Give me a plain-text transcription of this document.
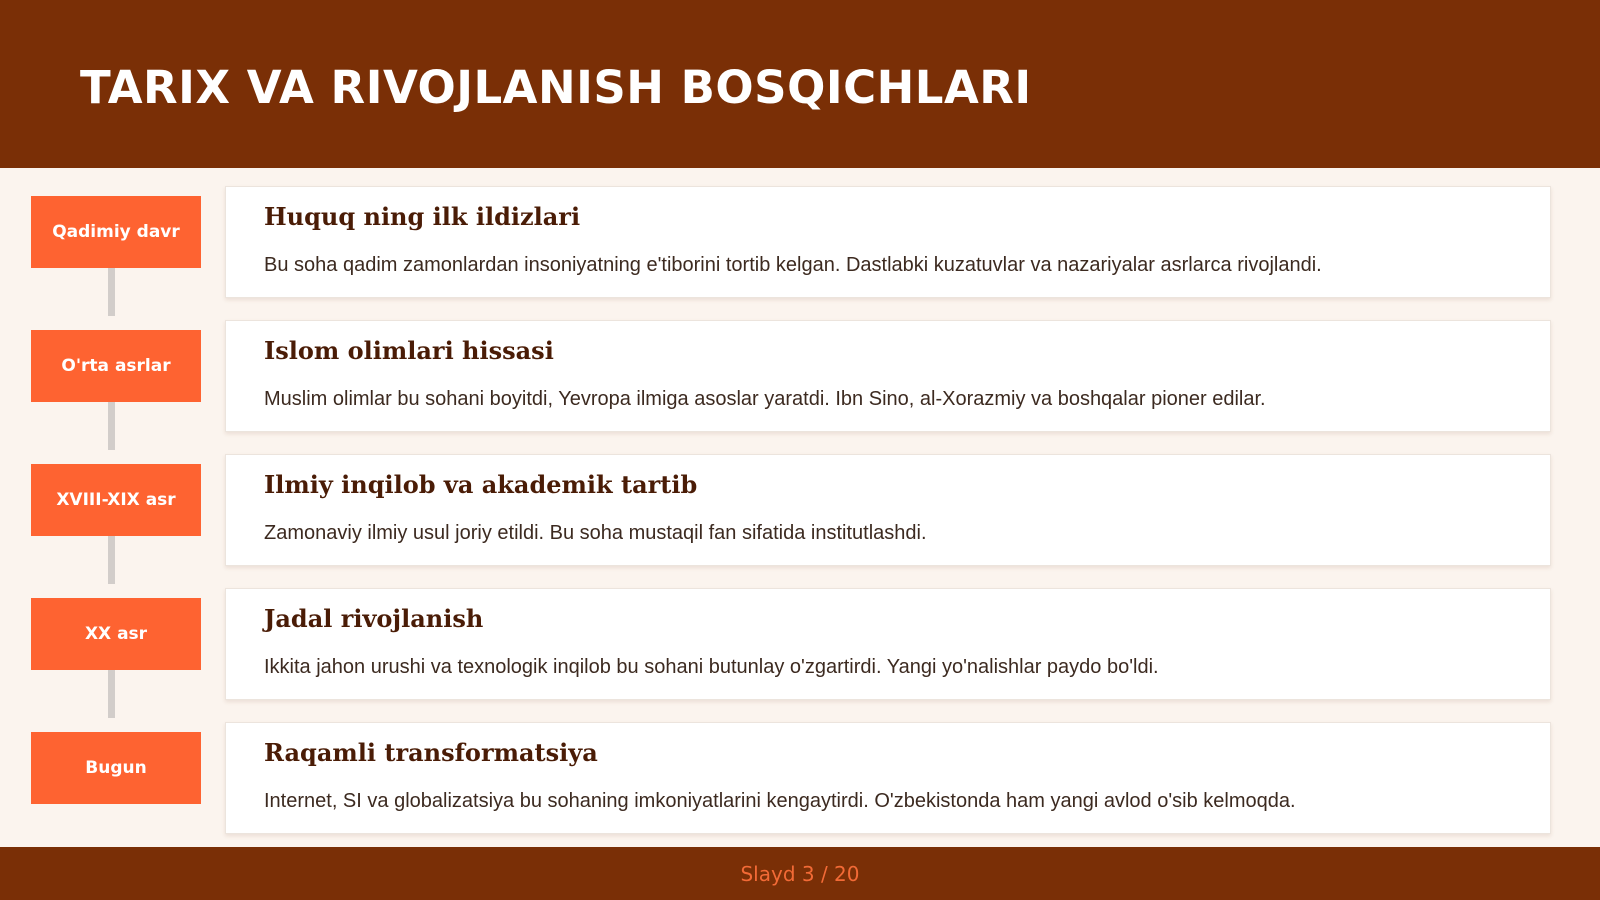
TARIX VA RIVOJLANISH BOSQICHLARI
Qadimiy davr
Huquq ning ilk ildizlari
Bu soha qadim zamonlardan insoniyatning e'tiborini tortib kelgan. Dastlabki kuzatuvlar va nazariyalar asrlarca rivojlandi.
O'rta asrlar
Islom olimlari hissasi
Muslim olimlar bu sohani boyitdi, Yevropa ilmiga asoslar yaratdi. Ibn Sino, al-Xorazmiy va boshqalar pioner edilar.
XVIII-XIX asr
Ilmiy inqilob va akademik tartib
Zamonaviy ilmiy usul joriy etildi. Bu soha mustaqil fan sifatida institutlashdi.
XX asr
Jadal rivojlanish
Ikkita jahon urushi va texnologik inqilob bu sohani butunlay o'zgartirdi. Yangi yo'nalishlar paydo bo'ldi.
Bugun
Raqamli transformatsiya
Internet, SI va globalizatsiya bu sohaning imkoniyatlarini kengaytirdi. O'zbekistonda ham yangi avlod o'sib kelmoqda.
Slayd 3 / 20
